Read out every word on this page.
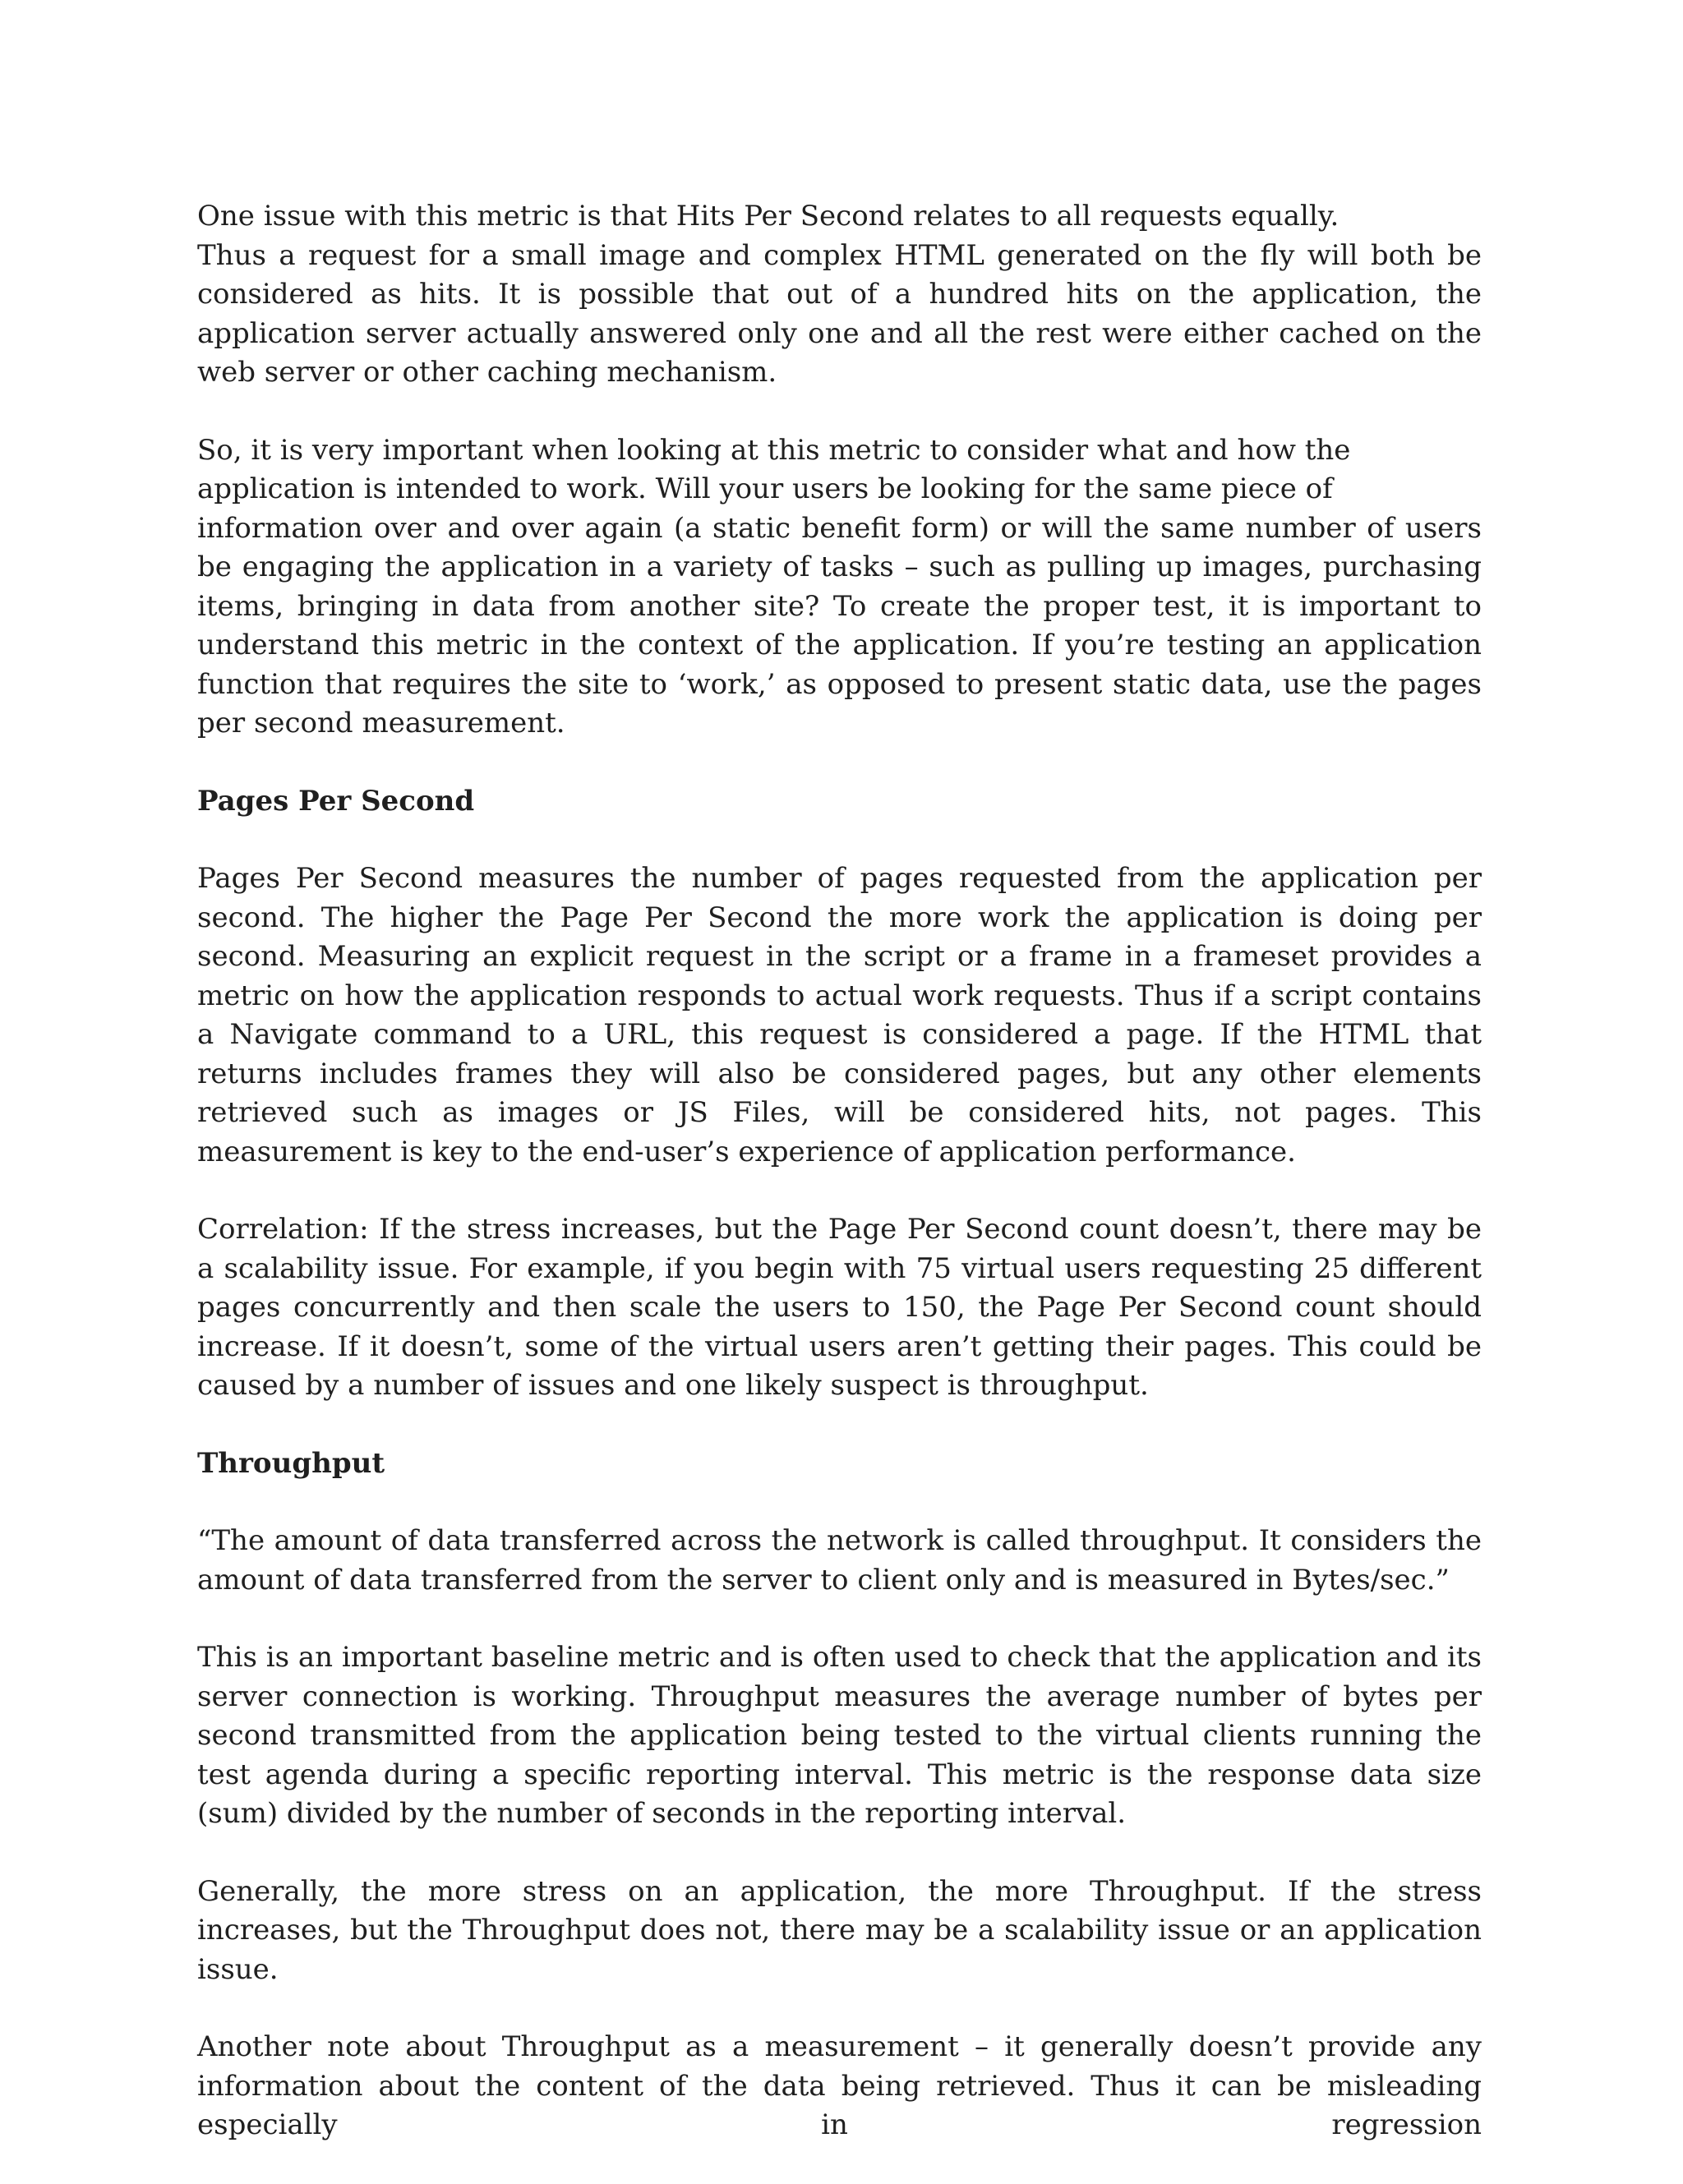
One issue with this metric is that Hits Per Second relates to all requests equally.

Thus a request for a small image and complex HTML generated on the fly will both be considered as hits. It is possible that out of a hundred hits on the application, the application server actually answered only one and all the rest were either cached on the web server or other caching mechanism.

So, it is very important when looking at this metric to consider what and how the

application is intended to work. Will your users be looking for the same piece of

information over and over again (a static benefit form) or will the same number of users be engaging the application in a variety of tasks – such as pulling up images, purchasing items, bringing in data from another site? To create the proper test, it is important to understand this metric in the context of the application. If you’re testing an application function that requires the site to ‘work,’ as opposed to present static data, use the pages per second measurement.

Pages Per Second

Pages Per Second measures the number of pages requested from the application per second. The higher the Page Per Second the more work the application is doing per second. Measuring an explicit request in the script or a frame in a frameset provides a metric on how the application responds to actual work requests. Thus if a script contains a Navigate command to a URL, this request is considered a page. If the HTML that returns includes frames they will also be considered pages, but any other elements retrieved such as images or JS Files, will be considered hits, not pages. This measurement is key to the end-user’s experience of application performance.

Correlation: If the stress increases, but the Page Per Second count doesn’t, there may be a scalability issue. For example, if you begin with 75 virtual users requesting 25 different pages concurrently and then scale the users to 150, the Page Per Second count should increase. If it doesn’t, some of the virtual users aren’t getting their pages. This could be caused by a number of issues and one likely suspect is throughput.

Throughput

“The amount of data transferred across the network is called throughput. It considers the amount of data transferred from the server to client only and is measured in Bytes/sec.”

This is an important baseline metric and is often used to check that the application and its server connection is working. Throughput measures the average number of bytes per second transmitted from the application being tested to the virtual clients running the test agenda during a specific reporting interval. This metric is the response data size (sum) divided by the number of seconds in the reporting interval.

Generally, the more stress on an application, the more Throughput. If the stress increases, but the Throughput does not, there may be a scalability issue or an application issue.

Another note about Throughput as a measurement – it generally doesn’t provide any information about the content of the data being retrieved. Thus it can be misleading especially in regression
